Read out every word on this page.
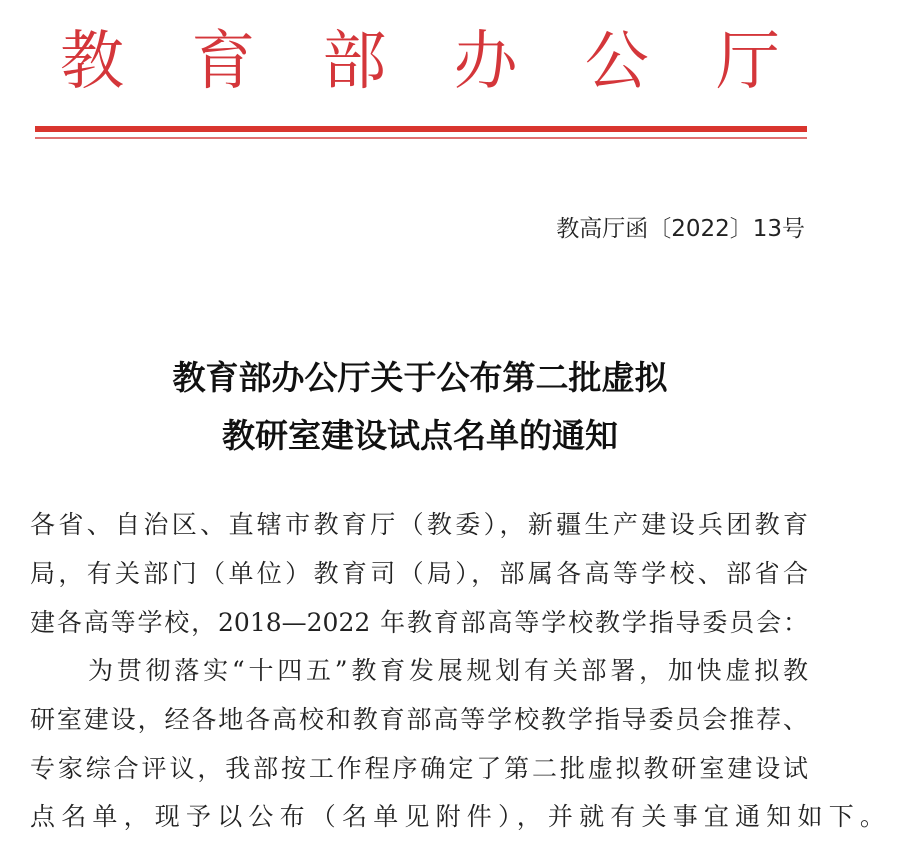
教 育 部 办 公 厅
教高厅函〔2022〕13号
教育部办公厅关于公布第二批虚拟
教研室建设试点名单的通知
各省、自治区、直辖市教育厅（教委），新疆生产建设兵团教育
局，有关部门（单位）教育司（局），部属各高等学校、部省合
建各高等学校，2018—2022 年教育部高等学校教学指导委员会：
为贯彻落实“十四五”教育发展规划有关部署，加快虚拟教
研室建设，经各地各高校和教育部高等学校教学指导委员会推荐、
专家综合评议，我部按工作程序确定了第二批虚拟教研室建设试
点名单，现予以公布（名单见附件），并就有关事宜通知如下。
